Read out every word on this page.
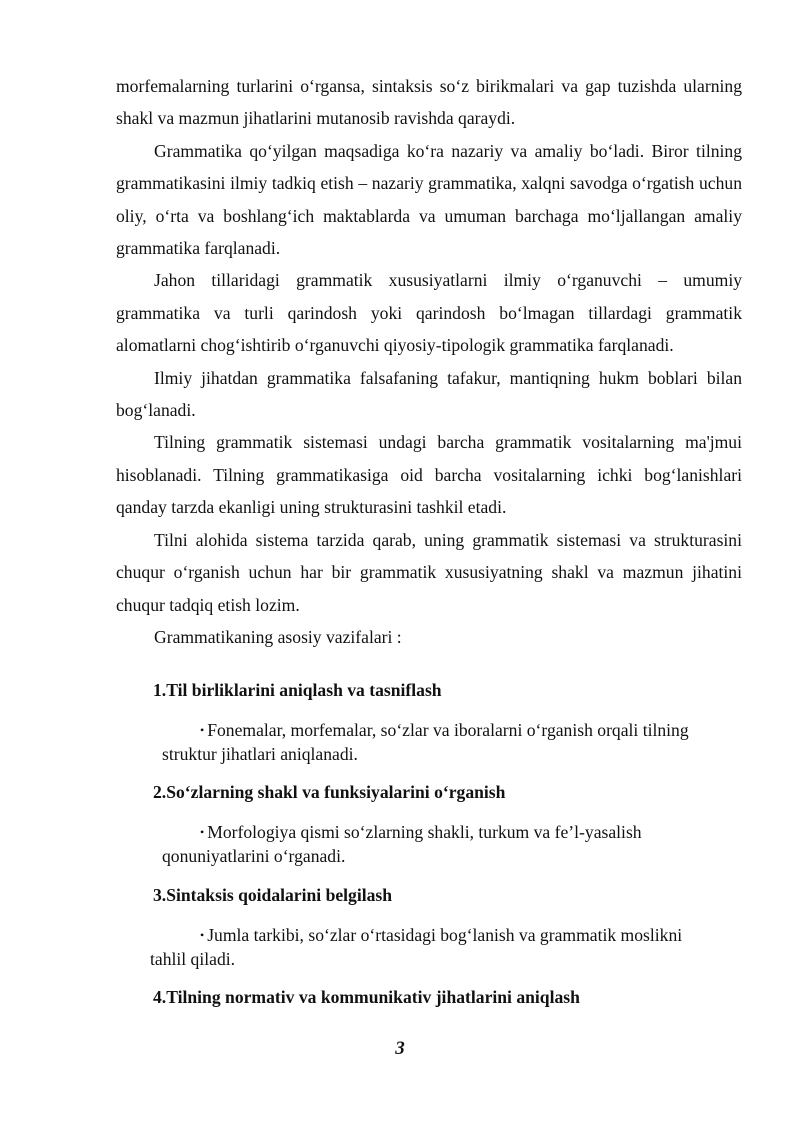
morfemalarning turlarini o‘rgansa, sintaksis so‘z birikmalari va gap tuzishda ularning shakl va mazmun jihatlarini mutanosib ravishda qaraydi.

Grammatika qo‘yilgan maqsadiga ko‘ra nazariy va amaliy bo‘ladi. Biror tilning grammatikasini ilmiy tadkiq etish – nazariy grammatika, xalqni savodga o‘rgatish uchun oliy, o‘rta va boshlang‘ich maktablarda va umuman barchaga mo‘ljallangan amaliy grammatika farqlanadi.

Jahon tillaridagi grammatik xususiyatlarni ilmiy o‘rganuvchi – umumiy grammatika va turli qarindosh yoki qarindosh bo‘lmagan tillardagi grammatik alomatlarni chog‘ishtirib o‘rganuvchi qiyosiy-tipologik grammatika farqlanadi.

Ilmiy jihatdan grammatika falsafaning tafakur, mantiqning hukm boblari bilan bog‘lanadi.

Tilning grammatik sistemasi undagi barcha grammatik vositalarning ma'jmui hisoblanadi. Tilning grammatikasiga oid barcha vositalarning ichki bog‘lanishlari qanday tarzda ekanligi uning strukturasini tashkil etadi.

Tilni alohida sistema tarzida qarab, uning grammatik sistemasi va strukturasini chuqur o‘rganish uchun har bir grammatik xususiyatning shakl va mazmun jihatini chuqur tadqiq etish lozim.

Grammatikaning asosiy vazifalari :

1.Til birliklarini aniqlash va tasniflash

• Fonemalar, morfemalar, so‘zlar va iboralarni o‘rganish orqali tilning
struktur jihatlari aniqlanadi.

2.So‘zlarning shakl va funksiyalarini o‘rganish

• Morfologiya qismi so‘zlarning shakli, turkum va fe’l-yasalish
qonuniyatlarini o‘rganadi.

3.Sintaksis qoidalarini belgilash

• Jumla tarkibi, so‘zlar o‘rtasidagi bog‘lanish va grammatik moslikni
tahlil qiladi.

4.Tilning normativ va kommunikativ jihatlarini aniqlash

3
